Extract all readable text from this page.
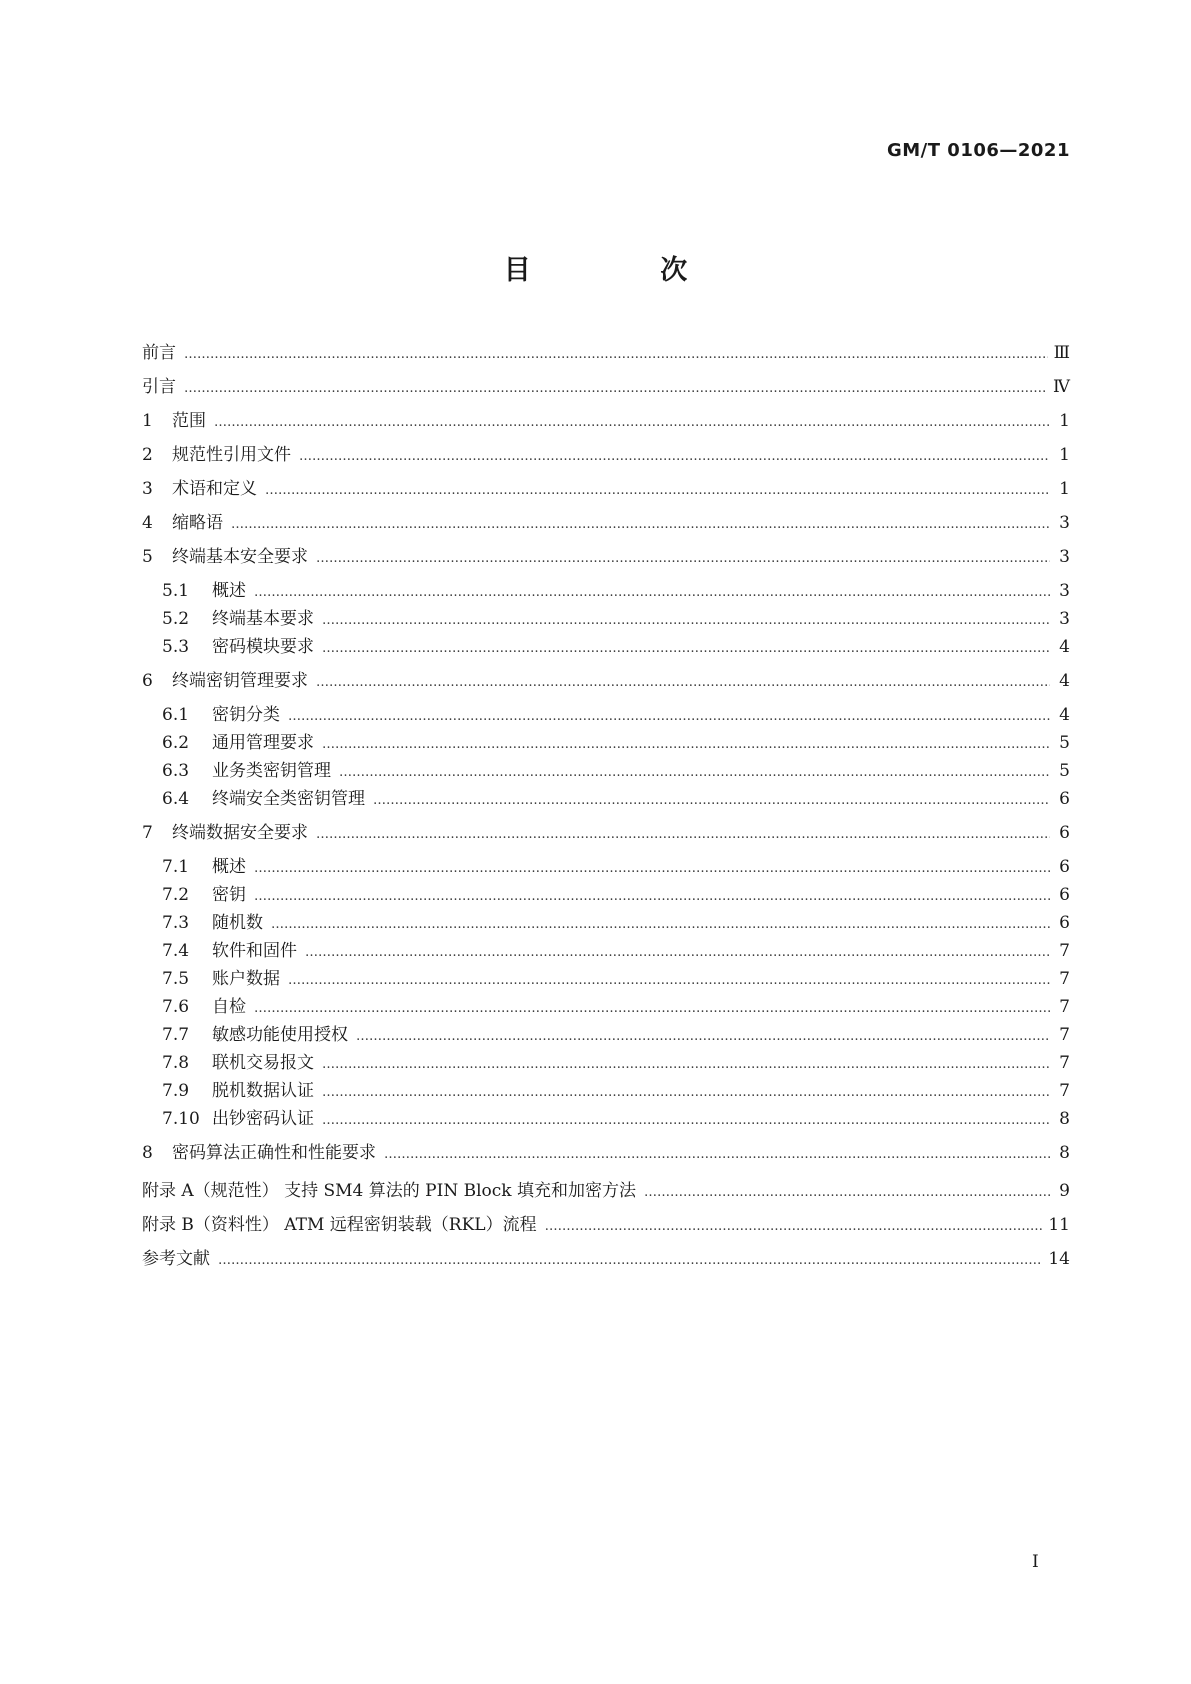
GM/T 0106—2021
目 次
前言 …………………………………………………………………………………………………………………………………………………………………………………………	Ⅲ
引言 …………………………………………………………………………………………………………………………………………………………………………………………	Ⅳ
1	范围 …………………………………………………………………………………………………………………………………………………………………………………………	1
2	规范性引用文件 …………………………………………………………………………………………………………………………………………………………………………………………	1
3	术语和定义 …………………………………………………………………………………………………………………………………………………………………………………………	1
4	缩略语 …………………………………………………………………………………………………………………………………………………………………………………………	3
5	终端基本安全要求 …………………………………………………………………………………………………………………………………………………………………………………………	3
5.1	概述 …………………………………………………………………………………………………………………………………………………………………………………………	3
5.2	终端基本要求 …………………………………………………………………………………………………………………………………………………………………………………………	3
5.3	密码模块要求 …………………………………………………………………………………………………………………………………………………………………………………………	4
6	终端密钥管理要求 …………………………………………………………………………………………………………………………………………………………………………………………	4
6.1	密钥分类 …………………………………………………………………………………………………………………………………………………………………………………………	4
6.2	通用管理要求 …………………………………………………………………………………………………………………………………………………………………………………………	5
6.3	业务类密钥管理 …………………………………………………………………………………………………………………………………………………………………………………………	5
6.4	终端安全类密钥管理 …………………………………………………………………………………………………………………………………………………………………………………………	6
7	终端数据安全要求 …………………………………………………………………………………………………………………………………………………………………………………………	6
7.1	概述 …………………………………………………………………………………………………………………………………………………………………………………………	6
7.2	密钥 …………………………………………………………………………………………………………………………………………………………………………………………	6
7.3	随机数 …………………………………………………………………………………………………………………………………………………………………………………………	6
7.4	软件和固件 …………………………………………………………………………………………………………………………………………………………………………………………	7
7.5	账户数据 …………………………………………………………………………………………………………………………………………………………………………………………	7
7.6	自检 …………………………………………………………………………………………………………………………………………………………………………………………	7
7.7	敏感功能使用授权 …………………………………………………………………………………………………………………………………………………………………………………………	7
7.8	联机交易报文 …………………………………………………………………………………………………………………………………………………………………………………………	7
7.9	脱机数据认证 …………………………………………………………………………………………………………………………………………………………………………………………	7
7.10 出钞密码认证 …………………………………………………………………………………………………………………………………………………………………………………………	8
8	密码算法正确性和性能要求 …………………………………………………………………………………………………………………………………………………………………………………………	8
附录 A（规范性） 支持 SM4 算法的 PIN Block 填充和加密方法 …………………………………………………………………………………………………………………………………………………………………………………………	9
附录 B（资料性） ATM 远程密钥装载（RKL）流程 …………………………………………………………………………………………………………………………………………………………………………………………	11
参考文献 …………………………………………………………………………………………………………………………………………………………………………………………	14
I
